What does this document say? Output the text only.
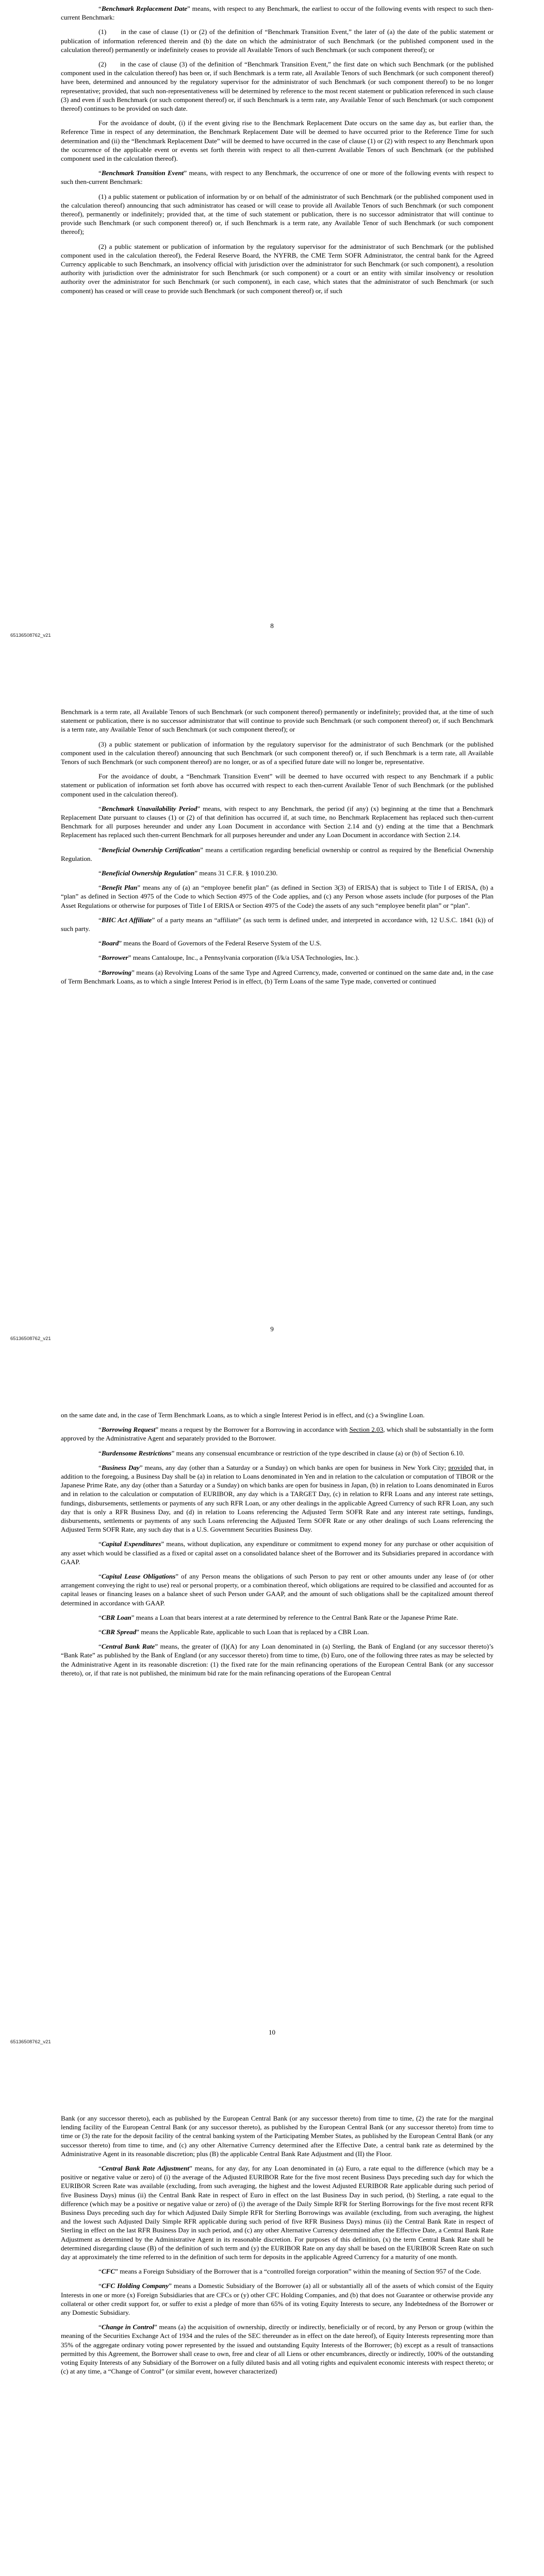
“Benchmark Replacement Date” means, with respect to any Benchmark, the earliest to occur of the following events with respect to such then-current Benchmark:

(1)      in the case of clause (1) or (2) of the definition of “Benchmark Transition Event,” the later of (a) the date of the public statement or publication of information referenced therein and (b) the date on which the administrator of such Benchmark (or the published component used in the calculation thereof) permanently or indefinitely ceases to provide all Available Tenors of such Benchmark (or such component thereof); or

(2)      in the case of clause (3) of the definition of “Benchmark Transition Event,” the first date on which such Benchmark (or the published component used in the calculation thereof) has been or, if such Benchmark is a term rate, all Available Tenors of such Benchmark (or such component thereof) have been, determined and announced by the regulatory supervisor for the administrator of such Benchmark (or such component thereof) to be no longer representative; provided, that such non-representativeness will be determined by reference to the most recent statement or publication referenced in such clause (3) and even if such Benchmark (or such component thereof) or, if such Benchmark is a term rate, any Available Tenor of such Benchmark (or such component thereof) continues to be provided on such date.

For the avoidance of doubt, (i) if the event giving rise to the Benchmark Replacement Date occurs on the same day as, but earlier than, the Reference Time in respect of any determination, the Benchmark Replacement Date will be deemed to have occurred prior to the Reference Time for such determination and (ii) the “Benchmark Replacement Date” will be deemed to have occurred in the case of clause (1) or (2) with respect to any Benchmark upon the occurrence of the applicable event or events set forth therein with respect to all then-current Available Tenors of such Benchmark (or the published component used in the calculation thereof).

“Benchmark Transition Event” means, with respect to any Benchmark, the occurrence of one or more of the following events with respect to such then-current Benchmark:

(1) a public statement or publication of information by or on behalf of the administrator of such Benchmark (or the published component used in the calculation thereof) announcing that such administrator has ceased or will cease to provide all Available Tenors of such Benchmark (or such component thereof), permanently or indefinitely; provided that, at the time of such statement or publication, there is no successor administrator that will continue to provide such Benchmark (or such component thereof) or, if such Benchmark is a term rate, any Available Tenor of such Benchmark (or such component thereof);

(2) a public statement or publication of information by the regulatory supervisor for the administrator of such Benchmark (or the published component used in the calculation thereof), the Federal Reserve Board, the NYFRB, the CME Term SOFR Administrator, the central bank for the Agreed Currency applicable to such Benchmark, an insolvency official with jurisdiction over the administrator for such Benchmark (or such component), a resolution authority with jurisdiction over the administrator for such Benchmark (or such component) or a court or an entity with similar insolvency or resolution authority over the administrator for such Benchmark (or such component), in each case, which states that the administrator of such Benchmark (or such component) has ceased or will cease to provide such Benchmark (or such component thereof) or, if such

8
65136508762_v21

Benchmark is a term rate, all Available Tenors of such Benchmark (or such component thereof) permanently or indefinitely; provided that, at the time of such statement or publication, there is no successor administrator that will continue to provide such Benchmark (or such component thereof) or, if such Benchmark is a term rate, any Available Tenor of such Benchmark (or such component thereof); or

(3) a public statement or publication of information by the regulatory supervisor for the administrator of such Benchmark (or the published component used in the calculation thereof) announcing that such Benchmark (or such component thereof) or, if such Benchmark is a term rate, all Available Tenors of such Benchmark (or such component thereof) are no longer, or as of a specified future date will no longer be, representative.

For the avoidance of doubt, a “Benchmark Transition Event” will be deemed to have occurred with respect to any Benchmark if a public statement or publication of information set forth above has occurred with respect to each then-current Available Tenor of such Benchmark (or the published component used in the calculation thereof).

“Benchmark Unavailability Period” means, with respect to any Benchmark, the period (if any) (x) beginning at the time that a Benchmark Replacement Date pursuant to clauses (1) or (2) of that definition has occurred if, at such time, no Benchmark Replacement has replaced such then-current Benchmark for all purposes hereunder and under any Loan Document in accordance with Section 2.14 and (y) ending at the time that a Benchmark Replacement has replaced such then-current Benchmark for all purposes hereunder and under any Loan Document in accordance with Section 2.14.

“Beneficial Ownership Certification” means a certification regarding beneficial ownership or control as required by the Beneficial Ownership Regulation.

“Beneficial Ownership Regulation” means 31 C.F.R. § 1010.230.

“Benefit Plan” means any of (a) an “employee benefit plan” (as defined in Section 3(3) of ERISA) that is subject to Title I of ERISA, (b) a “plan” as defined in Section 4975 of the Code to which Section 4975 of the Code applies, and (c) any Person whose assets include (for purposes of the Plan Asset Regulations or otherwise for purposes of Title I of ERISA or Section 4975 of the Code) the assets of any such “employee benefit plan” or “plan”.

“BHC Act Affiliate” of a party means an “affiliate” (as such term is defined under, and interpreted in accordance with, 12 U.S.C. 1841 (k)) of such party.

“Board” means the Board of Governors of the Federal Reserve System of the U.S.

“Borrower” means Cantaloupe, Inc., a Pennsylvania corporation (f/k/a USA Technologies, Inc.).

“Borrowing” means (a) Revolving Loans of the same Type and Agreed Currency, made, converted or continued on the same date and, in the case of Term Benchmark Loans, as to which a single Interest Period is in effect, (b) Term Loans of the same Type made, converted or continued

9
65136508762_v21

on the same date and, in the case of Term Benchmark Loans, as to which a single Interest Period is in effect, and (c) a Swingline Loan.

“Borrowing Request” means a request by the Borrower for a Borrowing in accordance with Section 2.03, which shall be substantially in the form approved by the Administrative Agent and separately provided to the Borrower.

“Burdensome Restrictions” means any consensual encumbrance or restriction of the type described in clause (a) or (b) of Section 6.10.

“Business Day” means, any day (other than a Saturday or a Sunday) on which banks are open for business in New York City; provided that, in addition to the foregoing, a Business Day shall be (a) in relation to Loans denominated in Yen and in relation to the calculation or computation of TIBOR or the Japanese Prime Rate, any day (other than a Saturday or a Sunday) on which banks are open for business in Japan, (b) in relation to Loans denominated in Euros and in relation to the calculation or computation of EURIBOR, any day which is a TARGET Day, (c) in relation to RFR Loans and any interest rate settings, fundings, disbursements, settlements or payments of any such RFR Loan, or any other dealings in the applicable Agreed Currency of such RFR Loan, any such day that is only a RFR Business Day, and (d) in relation to Loans referencing the Adjusted Term SOFR Rate and any interest rate settings, fundings, disbursements, settlements or payments of any such Loans referencing the Adjusted Term SOFR Rate or any other dealings of such Loans referencing the Adjusted Term SOFR Rate, any such day that is a U.S. Government Securities Business Day.

“Capital Expenditures” means, without duplication, any expenditure or commitment to expend money for any purchase or other acquisition of any asset which would be classified as a fixed or capital asset on a consolidated balance sheet of the Borrower and its Subsidiaries prepared in accordance with GAAP.

“Capital Lease Obligations” of any Person means the obligations of such Person to pay rent or other amounts under any lease of (or other arrangement conveying the right to use) real or personal property, or a combination thereof, which obligations are required to be classified and accounted for as capital leases or financing leases on a balance sheet of such Person under GAAP, and the amount of such obligations shall be the capitalized amount thereof determined in accordance with GAAP.

“CBR Loan” means a Loan that bears interest at a rate determined by reference to the Central Bank Rate or the Japanese Prime Rate.

“CBR Spread” means the Applicable Rate, applicable to such Loan that is replaced by a CBR Loan.

“Central Bank Rate” means, the greater of (I)(A) for any Loan denominated in (a) Sterling, the Bank of England (or any successor thereto)’s “Bank Rate” as published by the Bank of England (or any successor thereto) from time to time, (b) Euro, one of the following three rates as may be selected by the Administrative Agent in its reasonable discretion: (1) the fixed rate for the main refinancing operations of the European Central Bank (or any successor thereto), or, if that rate is not published, the minimum bid rate for the main refinancing operations of the European Central

10
65136508762_v21

Bank (or any successor thereto), each as published by the European Central Bank (or any successor thereto) from time to time, (2) the rate for the marginal lending facility of the European Central Bank (or any successor thereto), as published by the European Central Bank (or any successor thereto) from time to time or (3) the rate for the deposit facility of the central banking system of the Participating Member States, as published by the European Central Bank (or any successor thereto) from time to time, and (c) any other Alternative Currency determined after the Effective Date, a central bank rate as determined by the Administrative Agent in its reasonable discretion; plus (B) the applicable Central Bank Rate Adjustment and (II) the Floor.

“Central Bank Rate Adjustment” means, for any day, for any Loan denominated in (a) Euro, a rate equal to the difference (which may be a positive or negative value or zero) of (i) the average of the Adjusted EURIBOR Rate for the five most recent Business Days preceding such day for which the EURIBOR Screen Rate was available (excluding, from such averaging, the highest and the lowest Adjusted EURIBOR Rate applicable during such period of five Business Days) minus (ii) the Central Bank Rate in respect of Euro in effect on the last Business Day in such period, (b) Sterling, a rate equal to the difference (which may be a positive or negative value or zero) of (i) the average of the Daily Simple RFR for Sterling Borrowings for the five most recent RFR Business Days preceding such day for which Adjusted Daily Simple RFR for Sterling Borrowings was available (excluding, from such averaging, the highest and the lowest such Adjusted Daily Simple RFR applicable during such period of five RFR Business Days) minus (ii) the Central Bank Rate in respect of Sterling in effect on the last RFR Business Day in such period, and (c) any other Alternative Currency determined after the Effective Date, a Central Bank Rate Adjustment as determined by the Administrative Agent in its reasonable discretion. For purposes of this definition, (x) the term Central Bank Rate shall be determined disregarding clause (B) of the definition of such term and (y) the EURIBOR Rate on any day shall be based on the EURIBOR Screen Rate on such day at approximately the time referred to in the definition of such term for deposits in the applicable Agreed Currency for a maturity of one month.

“CFC” means a Foreign Subsidiary of the Borrower that is a “controlled foreign corporation” within the meaning of Section 957 of the Code.

“CFC Holding Company” means a Domestic Subsidiary of the Borrower (a) all or substantially all of the assets of which consist of the Equity Interests in one or more (x) Foreign Subsidiaries that are CFCs or (y) other CFC Holding Companies, and (b) that does not Guarantee or otherwise provide any collateral or other credit support for, or suffer to exist a pledge of more than 65% of its voting Equity Interests to secure, any Indebtedness of the Borrower or any Domestic Subsidiary.

“Change in Control” means (a) the acquisition of ownership, directly or indirectly, beneficially or of record, by any Person or group (within the meaning of the Securities Exchange Act of 1934 and the rules of the SEC thereunder as in effect on the date hereof), of Equity Interests representing more than 35% of the aggregate ordinary voting power represented by the issued and outstanding Equity Interests of the Borrower; (b) except as a result of transactions permitted by this Agreement, the Borrower shall cease to own, free and clear of all Liens or other encumbrances, directly or indirectly, 100% of the outstanding voting Equity Interests of any Subsidiary of the Borrower on a fully diluted basis and all voting rights and equivalent economic interests with respect thereto; or (c) at any time, a “Change of Control” (or similar event, however characterized)
